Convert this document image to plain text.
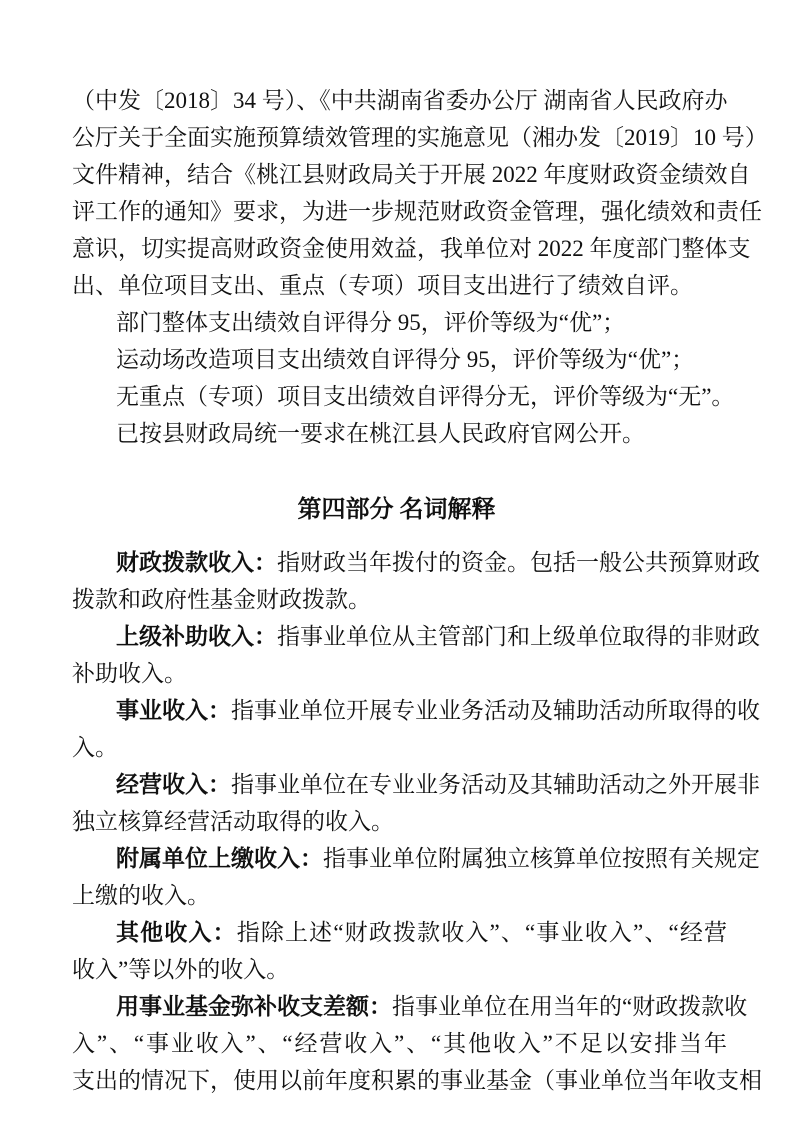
（中发〔2018〕34 号）、《中共湖南省委办公厅 湖南省人民政府办
公厅关于全面实施预算绩效管理的实施意见（湘办发〔2019〕10 号）
文件精神，结合《桃江县财政局关于开展 2022 年度财政资金绩效自
评工作的通知》要求，为进一步规范财政资金管理，强化绩效和责任
意识，切实提高财政资金使用效益，我单位对 2022 年度部门整体支
出、单位项目支出、重点（专项）项目支出进行了绩效自评。
部门整体支出绩效自评得分 95，评价等级为“优”；
运动场改造项目支出绩效自评得分 95，评价等级为“优”；
无重点（专项）项目支出绩效自评得分无，评价等级为“无”。
已按县财政局统一要求在桃江县人民政府官网公开。
第四部分 名词解释
财政拨款收入：指财政当年拨付的资金。包括一般公共预算财政
拨款和政府性基金财政拨款。
上级补助收入：指事业单位从主管部门和上级单位取得的非财政
补助收入。
事业收入：指事业单位开展专业业务活动及辅助活动所取得的收
入。
经营收入：指事业单位在专业业务活动及其辅助活动之外开展非
独立核算经营活动取得的收入。
附属单位上缴收入：指事业单位附属独立核算单位按照有关规定
上缴的收入。
其他收入：指除上述“财政拨款收入”、“事业收入”、“经营
收入”等以外的收入。
用事业基金弥补收支差额：指事业单位在用当年的“财政拨款收
入”、“事业收入”、“经营收入”、“其他收入”不足以安排当年
支出的情况下，使用以前年度积累的事业基金（事业单位当年收支相
